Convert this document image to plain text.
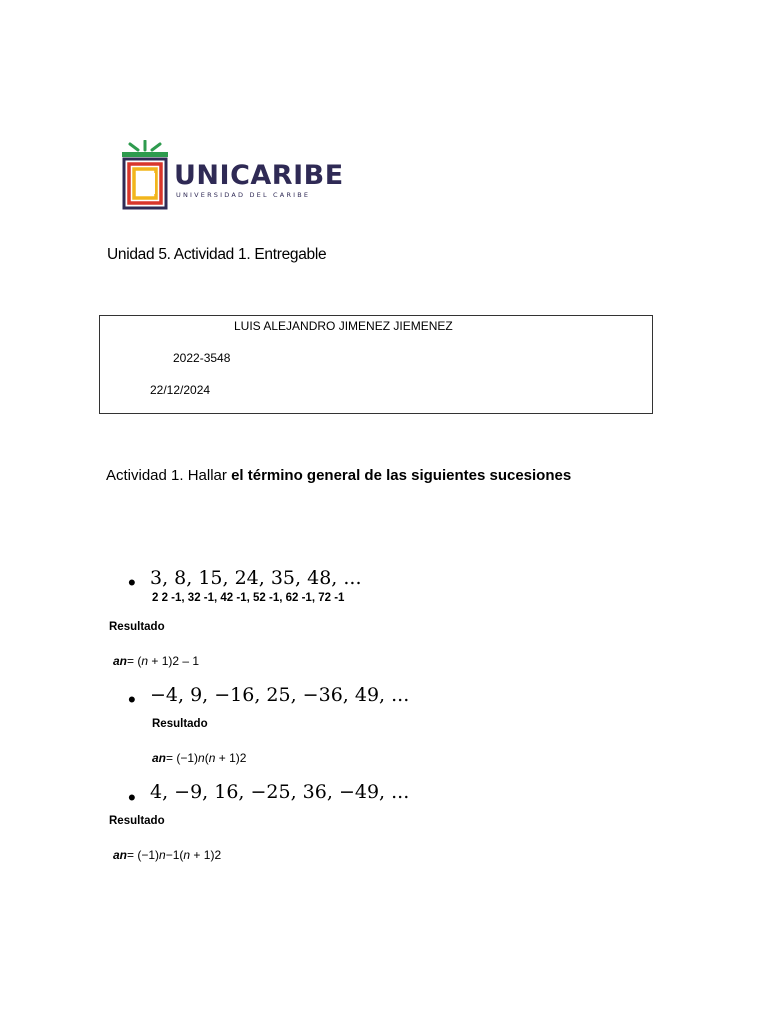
UNICARIBE
UNIVERSIDAD DEL CARIBE
Unidad 5. Actividad 1. Entregable
LUIS ALEJANDRO JIMENEZ JIEMENEZ
2022-3548
22/12/2024
Actividad 1. Hallar el término general de las siguientes sucesiones
• 3, 8, 15, 24, 35, 48, ...
2 2 -1, 32 -1, 42 -1, 52 -1, 62 -1, 72 -1
Resultado
an= (n + 1)2 – 1
• −4, 9, −16, 25, −36, 49, ...
Resultado
an= (−1)n(n + 1)2
• 4, −9, 16, −25, 36, −49, ...
Resultado
an= (−1)n−1(n + 1)2
